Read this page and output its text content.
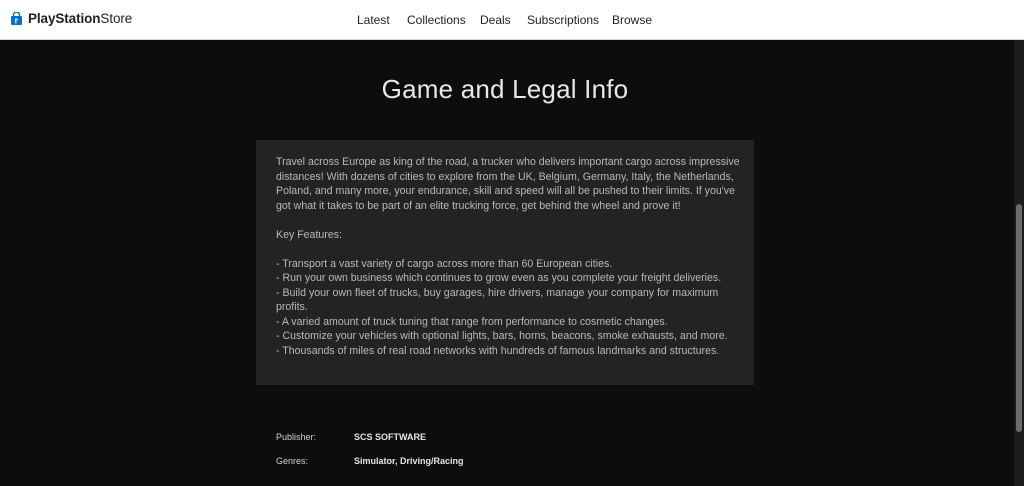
PlayStationStore	Latest Collections Deals Subscriptions Browse
Game and Legal Info

Travel across Europe as king of the road, a trucker who delivers important cargo across impressive distances! With dozens of cities to explore from the UK, Belgium, Germany, Italy, the Netherlands, Poland, and many more, your endurance, skill and speed will all be pushed to their limits. If you've got what it takes to be part of an elite trucking force, get behind the wheel and prove it!

Key Features:

- Transport a vast variety of cargo across more than 60 European cities.

- Run your own business which continues to grow even as you complete your freight deliveries.

- Build your own fleet of trucks, buy garages, hire drivers, manage your company for maximum profits.

- A varied amount of truck tuning that range from performance to cosmetic changes.

- Customize your vehicles with optional lights, bars, horns, beacons, smoke exhausts, and more.

- Thousands of miles of real road networks with hundreds of famous landmarks and structures.

Publisher:	SCS SOFTWARE
Genres:	Simulator, Driving/Racing
